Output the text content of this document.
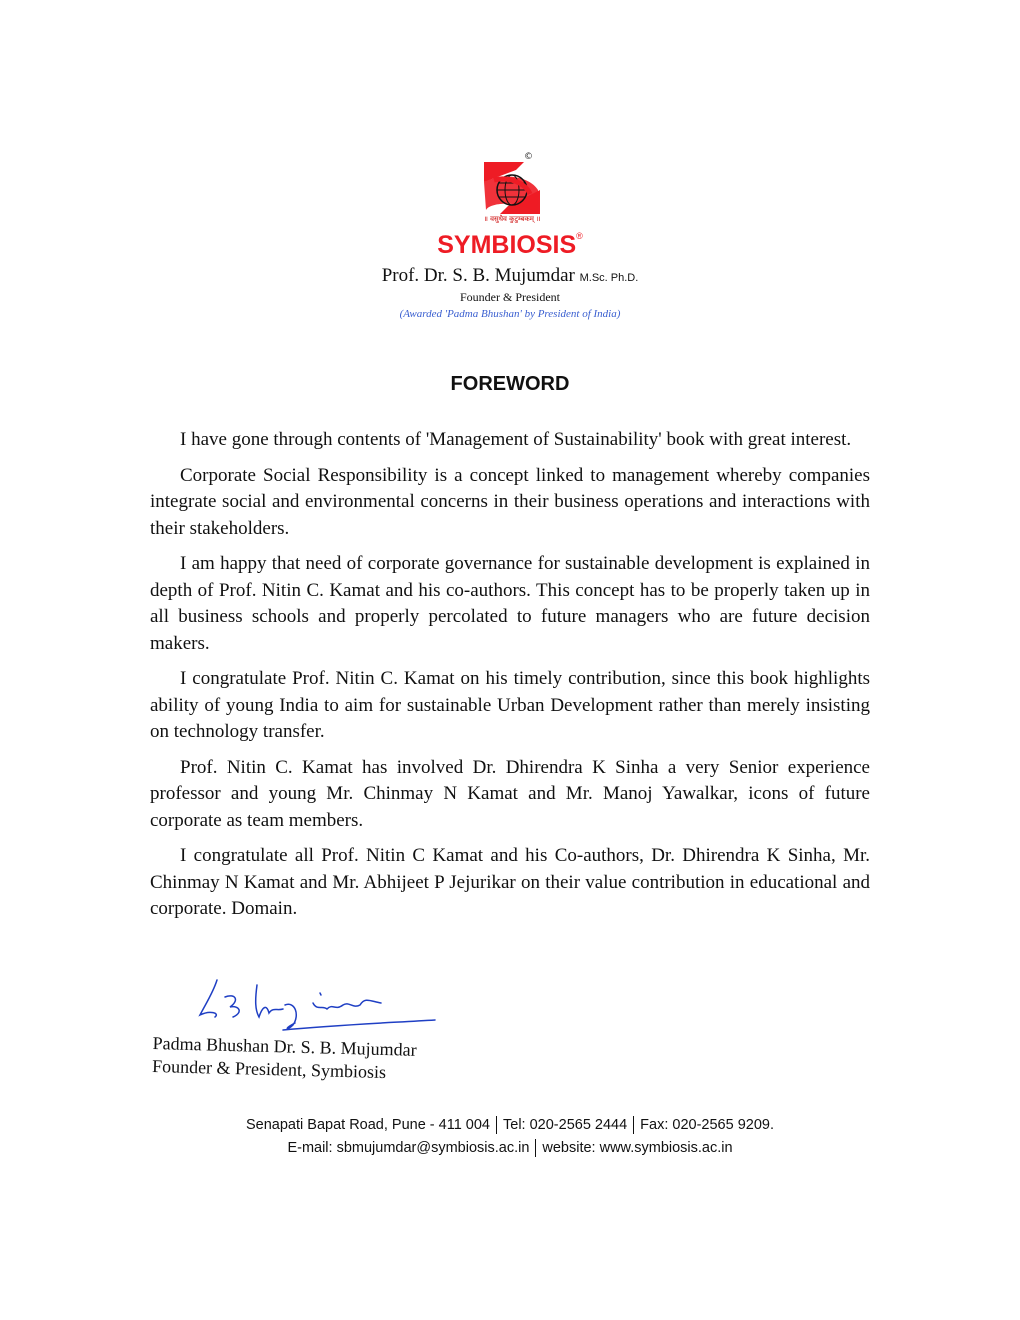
©
॥ वसुधैव कुटुम्बकम् ॥
SYMBIOSIS®
Prof. Dr. S. B. Mujumdar M.Sc. Ph.D.
Founder & President
(Awarded 'Padma Bhushan' by President of India)
FOREWORD

I have gone through contents of 'Management of Sustainability' book with great interest.

Corporate Social Responsibility is a concept linked to management whereby companies integrate social and environmental concerns in their business operations and interactions with their stakeholders.

I am happy that need of corporate governance for sustainable development is explained in depth of Prof. Nitin C. Kamat and his co-authors. This concept has to be properly taken up in all business schools and properly percolated to future managers who are future decision makers.

I congratulate Prof. Nitin C. Kamat on his timely contribution, since this book highlights ability of young India to aim for sustainable Urban Development rather than merely insisting on technology transfer.

Prof. Nitin C. Kamat has involved Dr. Dhirendra K Sinha a very Senior experience professor and young Mr. Chinmay N Kamat and Mr. Manoj Yawalkar, icons of future corporate as team members.

I congratulate all Prof. Nitin C Kamat and his Co-authors, Dr. Dhirendra K Sinha, Mr. Chinmay N Kamat and Mr. Abhijeet P Jejurikar on their value contribution in educational and corporate. Domain.

Padma Bhushan Dr. S. B. Mujumdar
Founder & President, Symbiosis
Senapati Bapat Road, Pune - 411 004 Tel: 020-2565 2444 Fax: 020-2565 9209.
E-mail: sbmujumdar@symbiosis.ac.in website: www.symbiosis.ac.in
